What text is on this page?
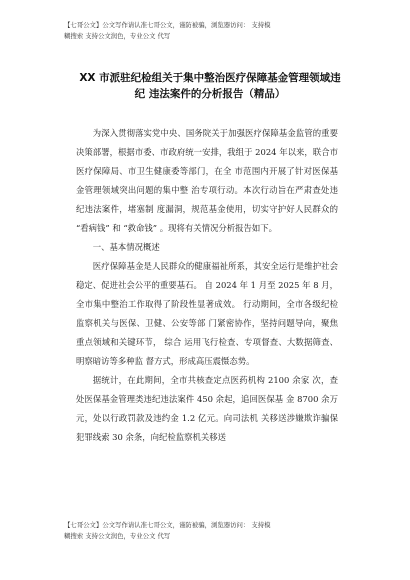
【七哥公文】公文写作请认准七哥公文，谨防被骗，浏览器访问： 支持模
糊搜索 支持公文润色，专业公文 代写
XX 市派驻纪检组关于集中整治医疗保障基金管理领域违
纪 违法案件的分析报告（精品）

为深入贯彻落实党中央、国务院关于加强医疗保障基金监管的重要决策部署，根据市委、市政府统一安排，我组于 2024 年以来，联合市医疗保障局、市卫生健康委等部门，在全 市范围内开展了针对医保基金管理领域突出问题的集中整 治专项行动。本次行动旨在严肃查处违纪违法案件，堵塞制 度漏洞，规范基金使用，切实守护好人民群众的 “看病钱” 和 “救命钱” 。现将有关情况分析报告如下。

一、基本情况概述

医疗保障基金是人民群众的健康福祉所系，其安全运行是维护社会稳定、促进社会公平的重要基石。 自 2024 年 1 月至 2025 年 8 月，全市集中整治工作取得了阶段性显著成效。 行动期间，全市各级纪检监察机关与医保、卫健、公安等部 门紧密协作，坚持问题导向，聚焦重点领域和关键环节， 综合 运用飞行检查、专项督查、大数据筛查、明察暗访等多种监 督方式，形成高压震慑态势。

据统计，在此期间，全市共核查定点医药机构 2100 余家 次，查处医保基金管理类违纪违法案件 450 余起，追回医保基 金 8700 余万元，处以行政罚款及违约金 1.2 亿元。向司法机 关移送涉嫌欺诈骗保犯罪线索 30 余条，向纪检监察机关移送

【七哥公文】公文写作请认准七哥公文，谨防被骗，浏览器访问： 支持模
糊搜索 支持公文润色，专业公文 代写
